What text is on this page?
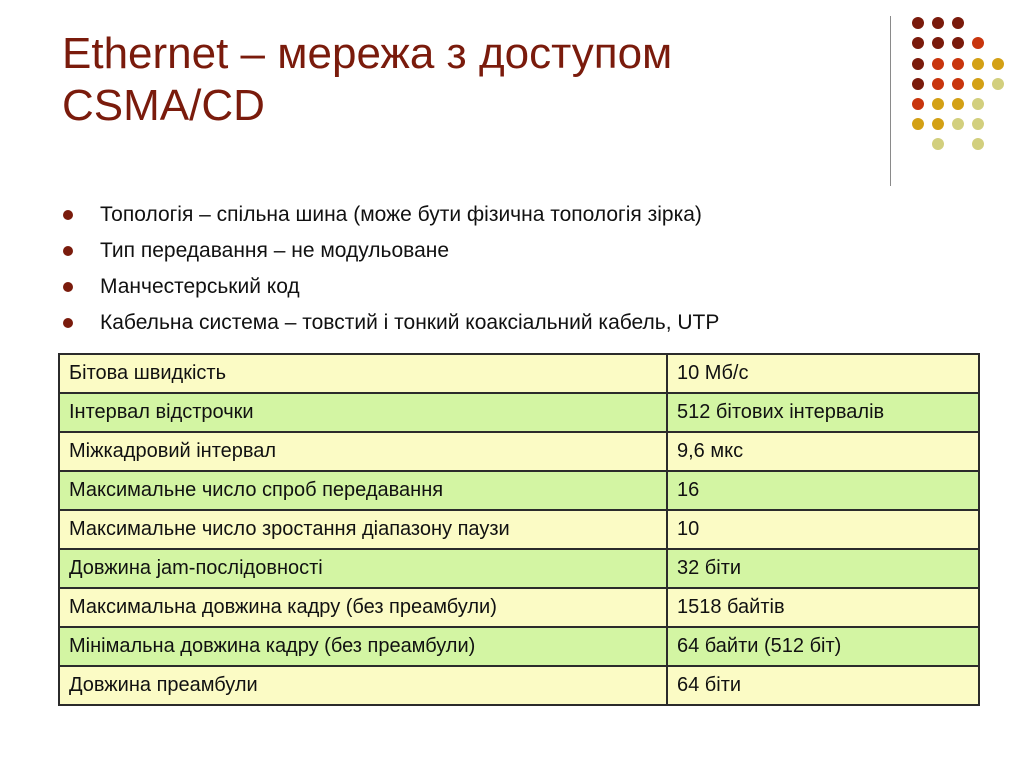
Ethernet – мережа з доступом
CSMA/CD
Топологія – спільна шина (може бути фізична топологія зірка)
Тип передавання – не модульоване
Манчестерський код
Кабельна система – товстий і тонкий коаксіальний кабель, UTP
Бітова швидкість	10 Мб/с
Інтервал відстрочки	512 бітових інтервалів
Міжкадровий інтервал	9,6 мкс
Максимальне число спроб передавання	16
Максимальне число зростання діапазону паузи	10
Довжина jam-послідовності	32 біти
Максимальна довжина кадру (без преамбули)	1518 байтів
Мінімальна довжина кадру (без преамбули)	64 байти (512 біт)
Довжина преамбули	64 біти
